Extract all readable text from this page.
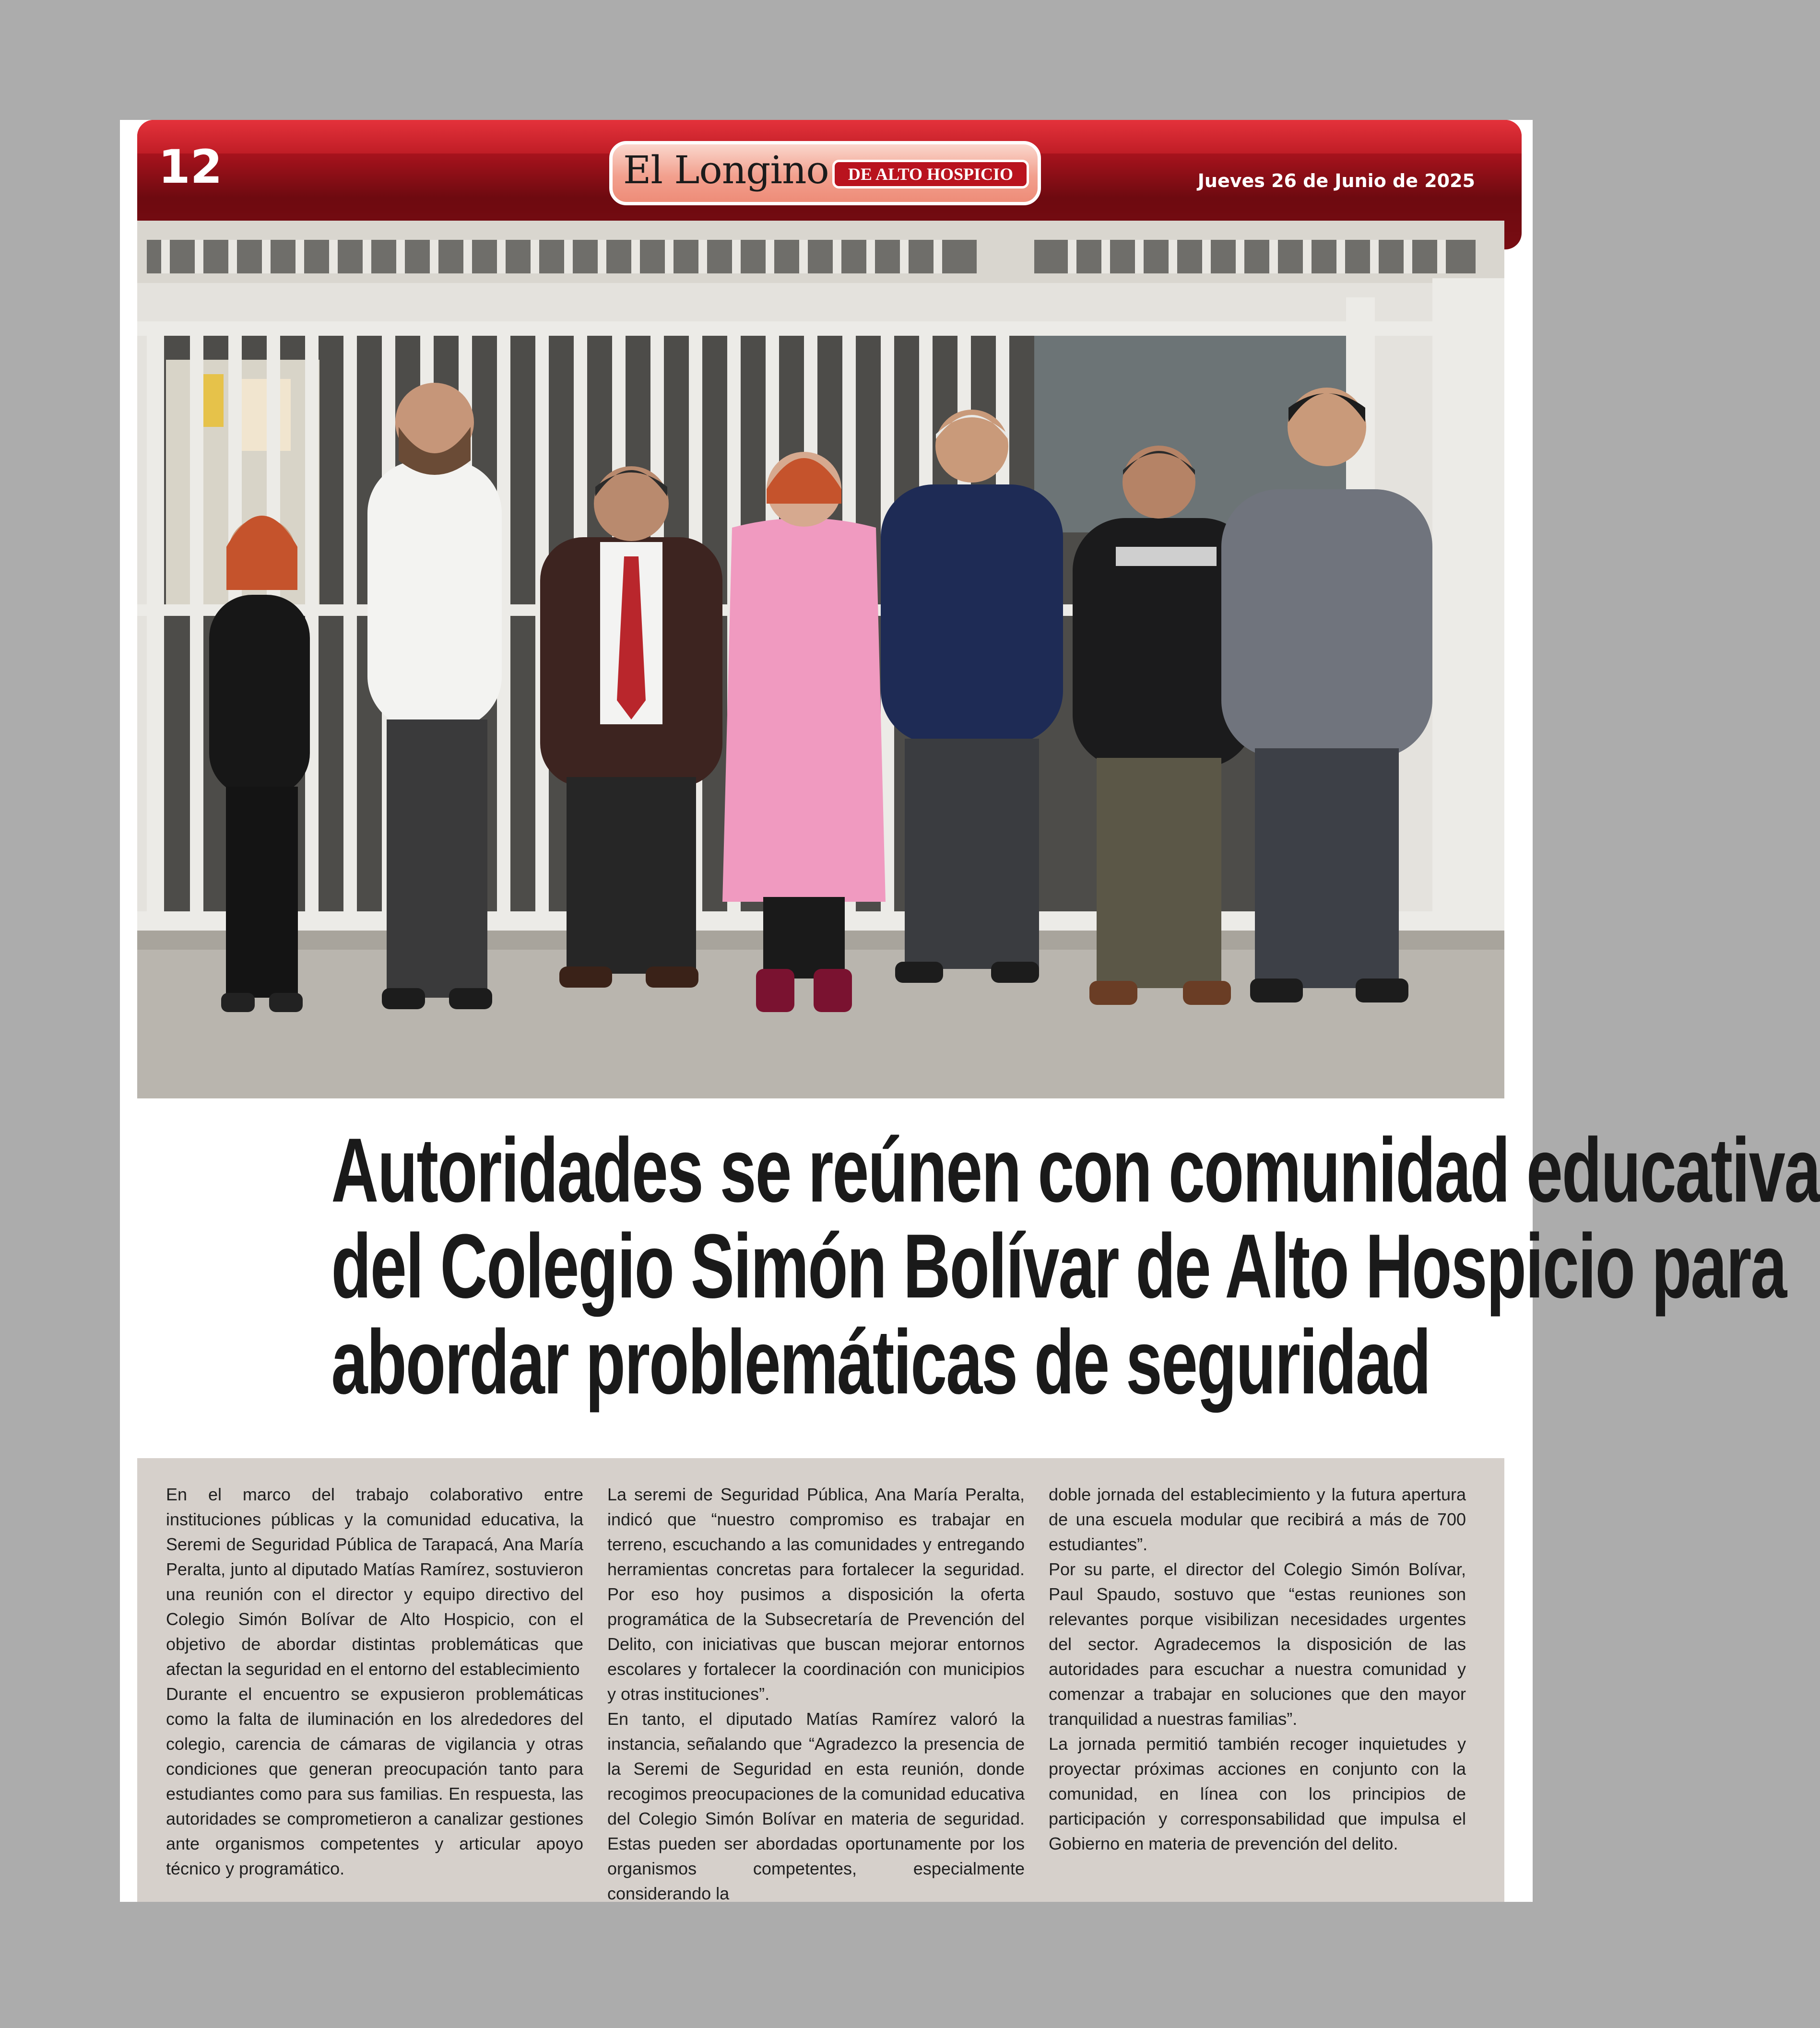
12	El Longino	DE ALTO HOSPICIO	Jueves 26 de Junio de 2025
Autoridades se reúnen con comunidad educativa
del Colegio Simón Bolívar de Alto Hospicio para
abordar problemáticas de seguridad

En el marco del trabajo colaborativo entre instituciones públicas y la comunidad educativa, la Seremi de Seguridad Pública de Tarapacá, Ana María Peralta, junto al diputado Matías Ramírez, sostuvieron una reunión con el director y equipo directivo del Colegio Simón Bolívar de Alto Hospicio, con el objetivo de abordar distintas problemáticas que afectan la seguridad en el entorno del establecimiento

Durante el encuentro se expusieron problemáticas como la falta de iluminación en los alrededores del colegio, carencia de cámaras de vigilancia y otras condiciones que generan preocupación tanto para estudiantes como para sus familias. En respuesta, las autoridades se comprometieron a canalizar gestiones ante organismos competentes y articular apoyo técnico y programático.

La seremi de Seguridad Pública, Ana María Peralta, indicó que “nuestro compromiso es trabajar en terreno, escuchando a las comunidades y entregando herramientas concretas para fortalecer la seguridad. Por eso hoy pusimos a disposición la oferta programática de la Subsecretaría de Prevención del Delito, con iniciativas que buscan mejorar entornos escolares y fortalecer la coordinación con municipios y otras instituciones”.

En tanto, el diputado Matías Ramírez valoró la instancia, señalando que “Agradezco la presencia de la Seremi de Seguridad en esta reunión, donde recogimos preocupaciones de la comunidad educativa del Colegio Simón Bolívar en materia de seguridad. Estas pueden ser abordadas oportunamente por los organismos competentes, especialmente considerando la

doble jornada del establecimiento y la futura apertura de una escuela modular que recibirá a más de 700 estudiantes”.

Por su parte, el director del Colegio Simón Bolívar, Paul Spaudo, sostuvo que “estas reuniones son relevantes porque visibilizan necesidades urgentes del sector. Agradecemos la disposición de las autoridades para escuchar a nuestra comunidad y comenzar a trabajar en soluciones que den mayor tranquilidad a nuestras familias”.

La jornada permitió también recoger inquietudes y proyectar próximas acciones en conjunto con la comunidad, en línea con los principios de participación y corresponsabilidad que impulsa el Gobierno en materia de prevención del delito.
